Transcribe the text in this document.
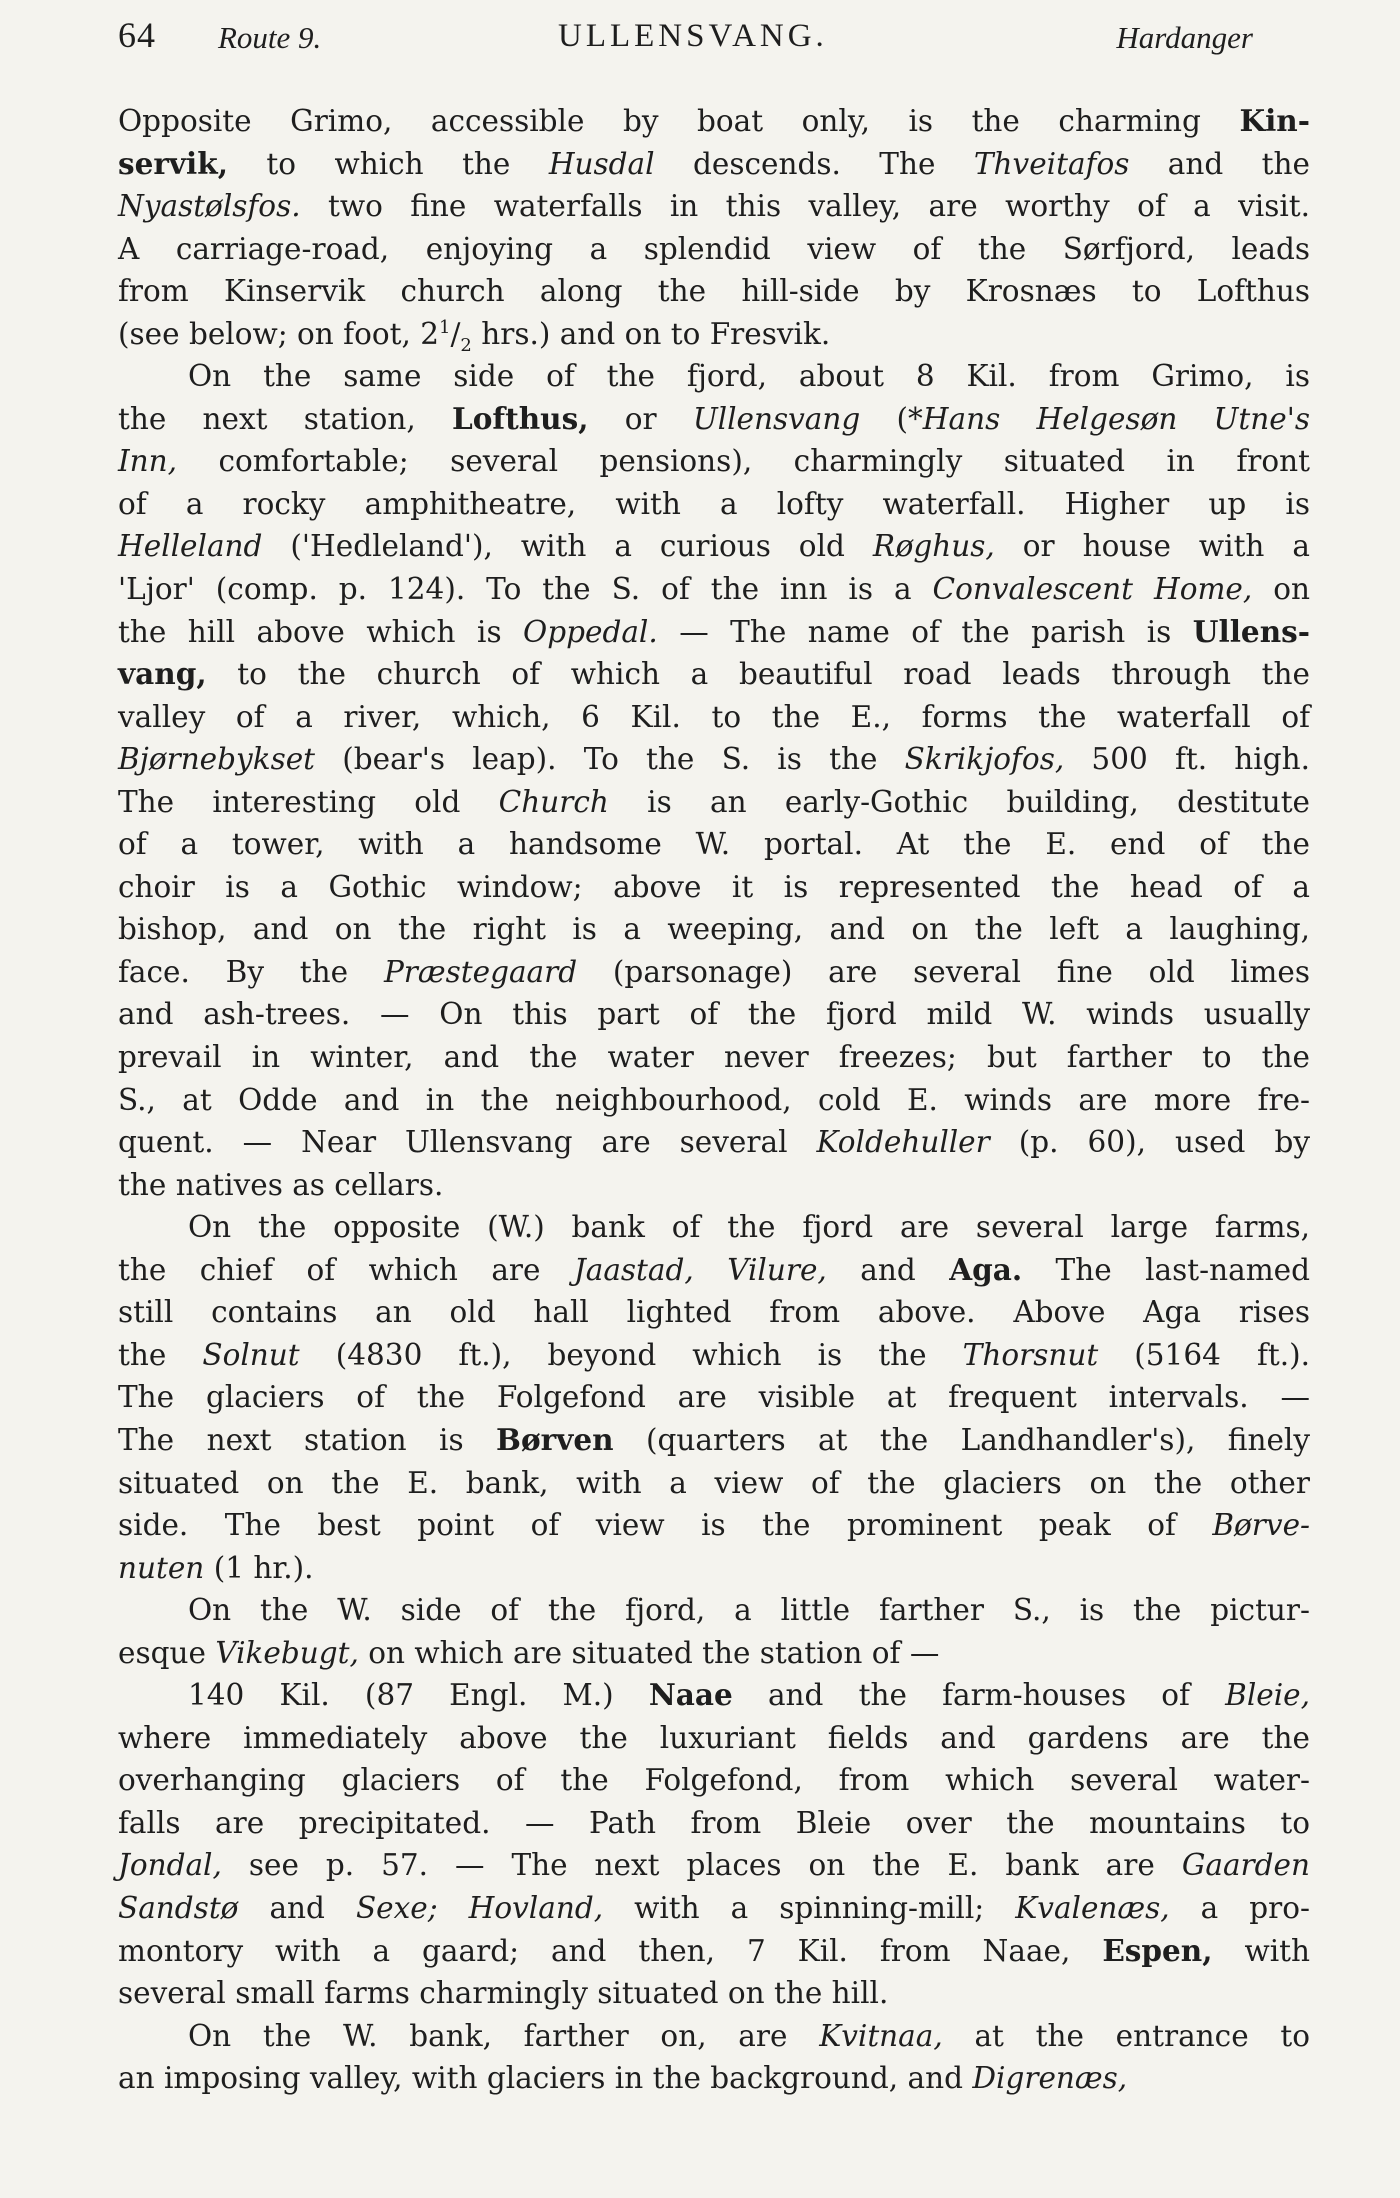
64 Route 9.	ULLENSVANG.	Hardanger
Opposite Grimo, accessible by boat only, is the charming Kin-
servik, to which the Husdal descends. The Thveitafos and the
Nyastølsfos. two fine waterfalls in this valley, are worthy of a visit.
A carriage-road, enjoying a splendid view of the Sørfjord, leads
from Kinservik church along the hill-side by Krosnæs to Lofthus
(see below; on foot, $2^1/_2$ hrs.) and on to Fresvik.
On the same side of the fjord, about 8 Kil. from Grimo, is
the next station, Lofthus, or Ullensvang (*Hans Helgesøn Utne's
Inn, comfortable; several pensions), charmingly situated in front
of a rocky amphitheatre, with a lofty waterfall. Higher up is
Helleland ('Hedleland'), with a curious old Røghus, or house with a
'Ljor' (comp. p. 124). To the S. of the inn is a Convalescent Home, on
the hill above which is Oppedal. — The name of the parish is Ullens-
vang, to the church of which a beautiful road leads through the
valley of a river, which, 6 Kil. to the E., forms the waterfall of
Bjørnebykset (bear's leap). To the S. is the Skrikjofos, 500 ft. high.
The interesting old Church is an early-Gothic building, destitute
of a tower, with a handsome W. portal. At the E. end of the
choir is a Gothic window; above it is represented the head of a
bishop, and on the right is a weeping, and on the left a laughing,
face. By the Præstegaard (parsonage) are several fine old limes
and ash-trees. — On this part of the fjord mild W. winds usually
prevail in winter, and the water never freezes; but farther to the
S., at Odde and in the neighbourhood, cold E. winds are more fre-
quent. — Near Ullensvang are several Koldehuller (p. 60), used by
the natives as cellars.
On the opposite (W.) bank of the fjord are several large farms,
the chief of which are Jaastad, Vilure, and Aga. The last-named
still contains an old hall lighted from above. Above Aga rises
the Solnut (4830 ft.), beyond which is the Thorsnut (5164 ft.).
The glaciers of the Folgefond are visible at frequent intervals. —
The next station is Børven (quarters at the Landhandler's), finely
situated on the E. bank, with a view of the glaciers on the other
side. The best point of view is the prominent peak of Børve-
nuten (1 hr.).
On the W. side of the fjord, a little farther S., is the pictur-
esque Vikebugt, on which are situated the station of —
140 Kil. (87 Engl. M.) Naae and the farm-houses of Bleie,
where immediately above the luxuriant fields and gardens are the
overhanging glaciers of the Folgefond, from which several water-
falls are precipitated. — Path from Bleie over the mountains to
Jondal, see p. 57. — The next places on the E. bank are Gaarden
Sandstø and Sexe; Hovland, with a spinning-mill; Kvalenæs, a pro-
montory with a gaard; and then, 7 Kil. from Naae, Espen, with
several small farms charmingly situated on the hill.
On the W. bank, farther on, are Kvitnaa, at the entrance to
an imposing valley, with glaciers in the background, and Digrenæs,
